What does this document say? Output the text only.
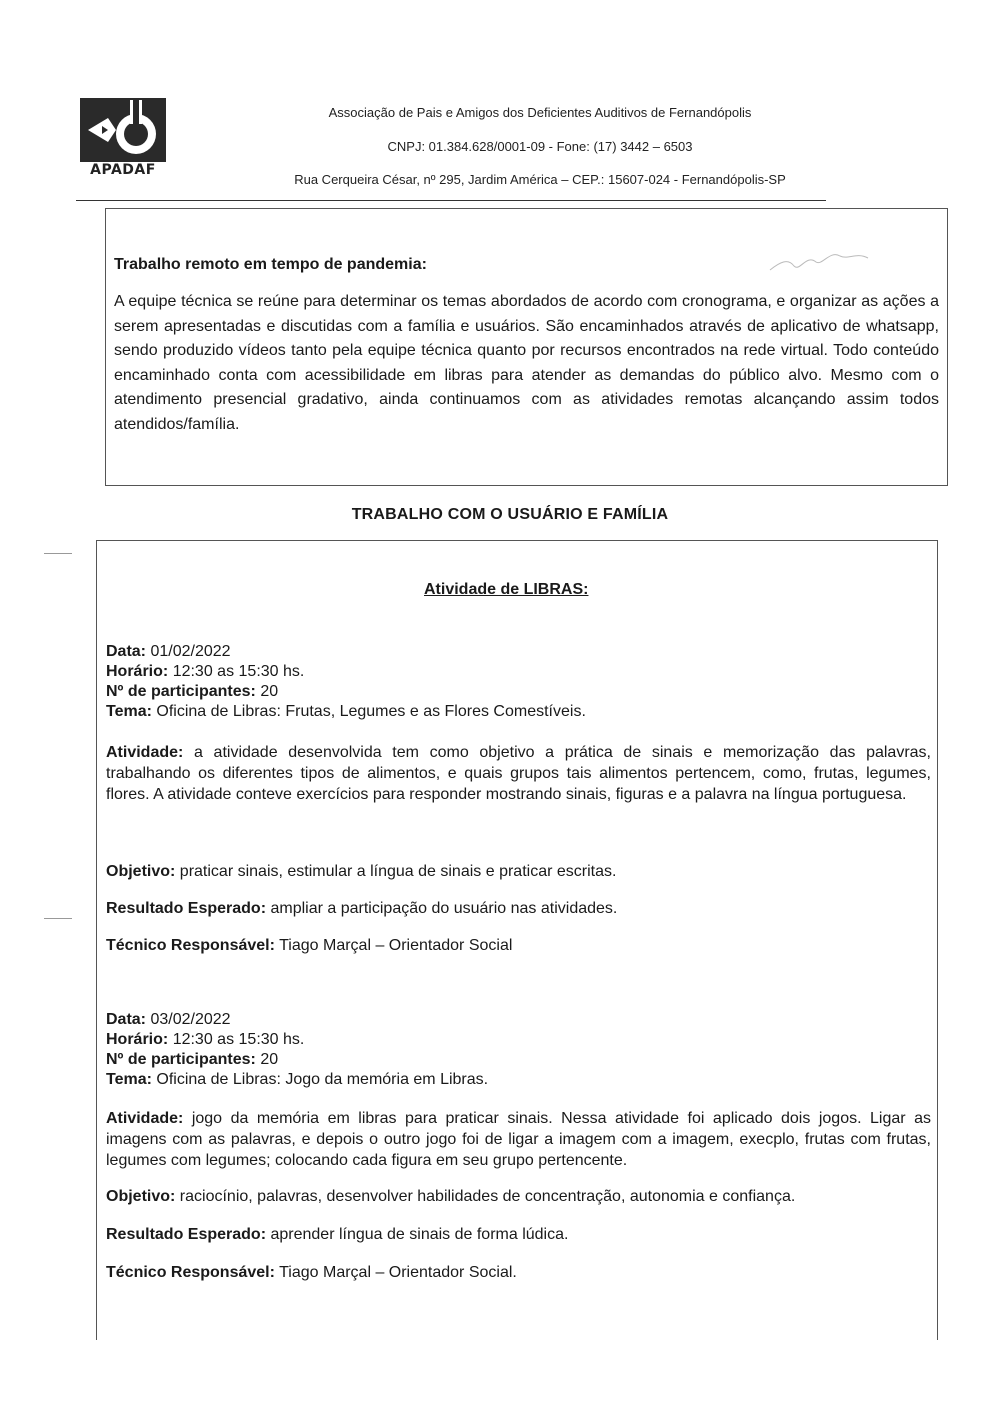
APADAF
Associação de Pais e Amigos dos Deficientes Auditivos de Fernandópolis
CNPJ: 01.384.628/0001-09 - Fone: (17) 3442 – 6503
Rua Cerqueira César, nº 295, Jardim América – CEP.: 15607-024 - Fernandópolis-SP
Trabalho remoto em tempo de pandemia:
A equipe técnica se reúne para determinar os temas abordados de acordo com cronograma, e organizar as ações a serem apresentadas e discutidas com a família e usuários. São encaminhados através de aplicativo de whatsapp, sendo produzido vídeos tanto pela equipe técnica quanto por recursos encontrados na rede virtual. Todo conteúdo encaminhado conta com acessibilidade em libras para atender as demandas do público alvo. Mesmo com o atendimento presencial gradativo, ainda continuamos com as atividades remotas alcançando assim todos atendidos/família.
TRABALHO COM O USUÁRIO E FAMÍLIA
Atividade de LIBRAS:
Data: 01/02/2022
Horário: 12:30 as 15:30 hs.
Nº de participantes: 20
Tema: Oficina de Libras: Frutas, Legumes e as Flores Comestíveis.
Atividade: a atividade desenvolvida tem como objetivo a prática de sinais e memorização das palavras, trabalhando os diferentes tipos de alimentos, e quais grupos tais alimentos pertencem, como, frutas, legumes, flores. A atividade conteve exercícios para responder mostrando sinais, figuras e a palavra na língua portuguesa.
Objetivo: praticar sinais, estimular a língua de sinais e praticar escritas.
Resultado Esperado: ampliar a participação do usuário nas atividades.
Técnico Responsável: Tiago Marçal – Orientador Social
Data: 03/02/2022
Horário: 12:30 as 15:30 hs.
Nº de participantes: 20
Tema: Oficina de Libras: Jogo da memória em Libras.
Atividade: jogo da memória em libras para praticar sinais. Nessa atividade foi aplicado dois jogos. Ligar as imagens com as palavras, e depois o outro jogo foi de ligar a imagem com a imagem, execplo, frutas com frutas, legumes com legumes; colocando cada figura em seu grupo pertencente.
Objetivo: raciocínio, palavras, desenvolver habilidades de concentração, autonomia e confiança.
Resultado Esperado: aprender língua de sinais de forma lúdica.
Técnico Responsável: Tiago Marçal – Orientador Social.
